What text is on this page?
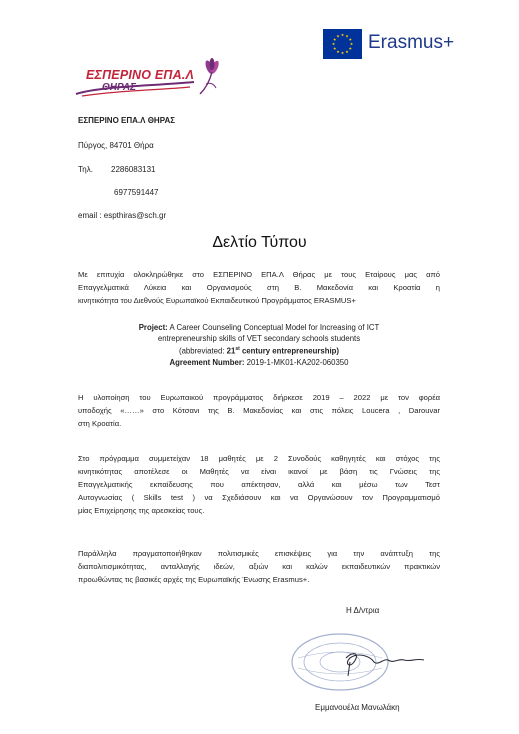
ΕΣΠΕΡΙΝΟ ΕΠΑ.Λ
ΘΗΡΑΣ
Erasmus+
ΕΣΠΕΡΙΝΟ ΕΠΑ.Λ ΘΗΡΑΣ
Πύργος, 84701 Θήρα
Τηλ. 2286083131
6977591447
email : espthiras@sch.gr
Δελτίο Τύπου
Με επιτυχία ολοκληρώθηκε στο ΕΣΠΕΡΙΝΟ ΕΠΑ.Λ Θήρας με τους Εταίρους μας από
Επαγγελματικά Λύκεια και Οργανισμούς στη Β. Μακεδονία και Κροατία η
κινητικότητα του Διεθνούς Ευρωπαϊκού Εκπαιδευτικού Προγράμματος ERASMUS+
Project: A Career Counseling Conceptual Model for Increasing of ICT
entrepreneurship skills of VET secondary schools students
(abbreviated: 21st century entrepreneurship)
Agreement Number: 2019-1-MK01-KA202-060350
Η υλοποίηση του Ευρωπαικού προγράμματος διήρκεσε 2019 – 2022 με τον φορέα
υποδοχής «……» στο Κότσανι της Β. Μακεδονίας και στις πόλεις Loucera , Darouvar
στη Κροατία.
Στο πρόγραμμα συμμετείχαν 18 μαθητές με 2 Συνοδούς καθηγητές και στόχος της
κινητικότητας αποτέλεσε οι Μαθητές να είναι ικανοί με βάση τις Γνώσεις της
Επαγγελματικής εκπαίδευσης που απέκτησαν, αλλά και μέσω των Τεστ
Αυτογνωσίας ( Skills test ) να Σχεδιάσουν και να Οργανώσουν τον Προγραμματισμό
μίας Επιχείρησης της αρεσκείας τους.
Παράλληλα πραγματοποιήθηκαν πολιτισμικές επισκέψεις για την ανάπτυξη της
διαπολιτισμικότητας, ανταλλαγής ιδεών, αξιών και καλών εκπαιδευτικών πρακτικών
προωθώντας τις βασικές αρχές της Ευρωπαϊκής Ένωσης Erasmus+.
Η Δ/ντρια
Εμμανουέλα Μανωλάκη
